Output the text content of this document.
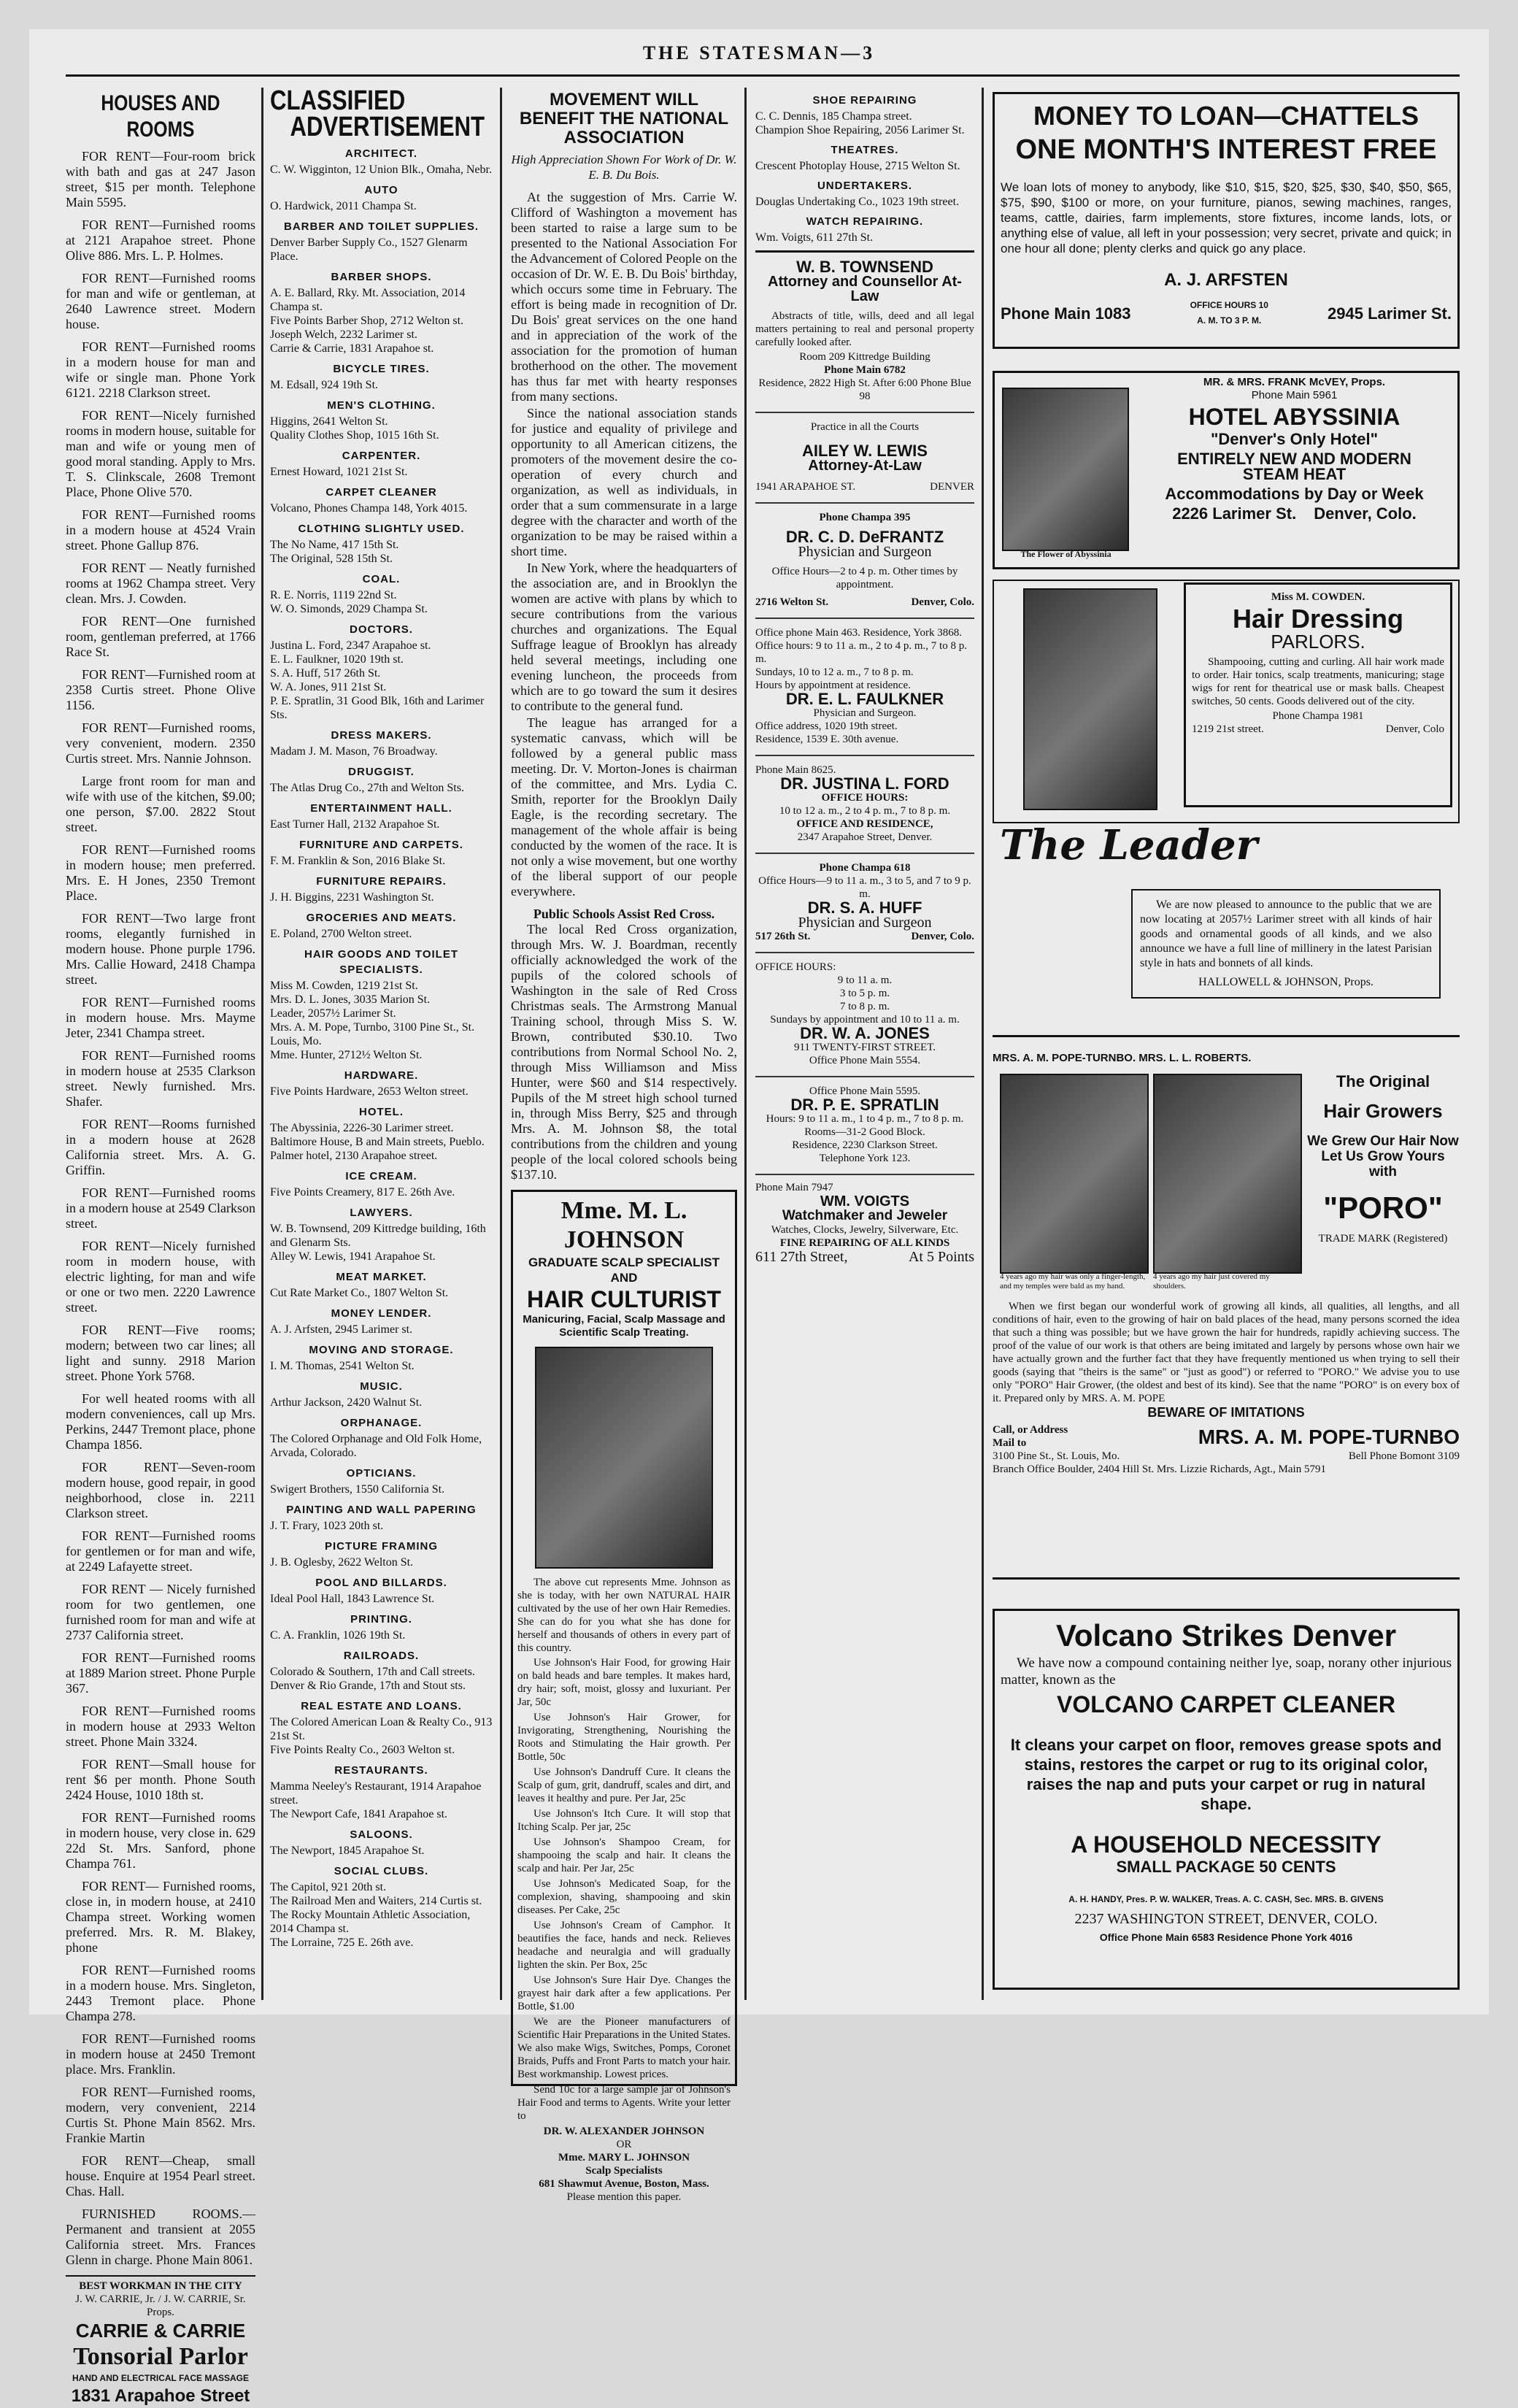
THE STATESMAN—3
HOUSES AND ROOMS

FOR RENT—Four-room brick with bath and gas at 247 Jason street, $15 per month. Telephone Main 5595.

FOR RENT—Furnished rooms at 2121 Arapahoe street. Phone Olive 886. Mrs. L. P. Holmes.

FOR RENT—Furnished rooms for man and wife or gentleman, at 2640 Lawrence street. Modern house.

FOR RENT—Furnished rooms in a modern house for man and wife or single man. Phone York 6121. 2218 Clarkson street.

FOR RENT—Nicely furnished rooms in modern house, suitable for man and wife or young men of good moral standing. Apply to Mrs. T. S. Clinkscale, 2608 Tremont Place, Phone Olive 570.

FOR RENT—Furnished rooms in a modern house at 4524 Vrain street. Phone Gallup 876.

FOR RENT — Neatly furnished rooms at 1962 Champa street. Very clean. Mrs. J. Cowden.

FOR RENT—One furnished room, gentleman preferred, at 1766 Race St.

FOR RENT—Furnished room at 2358 Curtis street. Phone Olive 1156.

FOR RENT—Furnished rooms, very convenient, modern. 2350 Curtis street. Mrs. Nannie Johnson.

Large front room for man and wife with use of the kitchen, $9.00; one person, $7.00. 2822 Stout street.

FOR RENT—Furnished rooms in modern house; men preferred. Mrs. E. H Jones, 2350 Tremont Place.

FOR RENT—Two large front rooms, elegantly furnished in modern house. Phone purple 1796. Mrs. Callie Howard, 2418 Champa street.

FOR RENT—Furnished rooms in modern house. Mrs. Mayme Jeter, 2341 Champa street.

FOR RENT—Furnished rooms in modern house at 2535 Clarkson street. Newly furnished. Mrs. Shafer.

FOR RENT—Rooms furnished in a modern house at 2628 California street. Mrs. A. G. Griffin.

FOR RENT—Furnished rooms in a modern house at 2549 Clarkson street.

FOR RENT—Nicely furnished room in modern house, with electric lighting, for man and wife or one or two men. 2220 Lawrence street.

FOR RENT—Five rooms; modern; between two car lines; all light and sunny. 2918 Marion street. Phone York 5768.

For well heated rooms with all modern conveniences, call up Mrs. Perkins, 2447 Tremont place, phone Champa 1856.

FOR RENT—Seven-room modern house, good repair, in good neighborhood, close in. 2211 Clarkson street.

FOR RENT—Furnished rooms for gentlemen or for man and wife, at 2249 Lafayette street.

FOR RENT — Nicely furnished room for two gentlemen, one furnished room for man and wife at 2737 California street.

FOR RENT—Furnished rooms at 1889 Marion street. Phone Purple 367.

FOR RENT—Furnished rooms in modern house at 2933 Welton street. Phone Main 3324.

FOR RENT—Small house for rent $6 per month. Phone South 2424 House, 1010 18th st.

FOR RENT—Furnished rooms in modern house, very close in. 629 22d St. Mrs. Sanford, phone Champa 761.

FOR RENT— Furnished rooms, close in, in modern house, at 2410 Champa street. Working women preferred. Mrs. R. M. Blakey, phone

FOR RENT—Furnished rooms in a modern house. Mrs. Singleton, 2443 Tremont place. Phone Champa 278.

FOR RENT—Furnished rooms in modern house at 2450 Tremont place. Mrs. Franklin.

FOR RENT—Furnished rooms, modern, very convenient, 2214 Curtis St. Phone Main 8562. Mrs. Frankie Martin

FOR RENT—Cheap, small house. Enquire at 1954 Pearl street. Chas. Hall.

FURNISHED ROOMS.—Permanent and transient at 2055 California street. Mrs. Frances Glenn in charge. Phone Main 8061.

BEST WORKMAN IN THE CITY
J. W. CARRIE, Jr. / J. W. CARRIE, Sr. Props.
CARRIE & CARRIE
Tonsorial Parlor
HAND AND ELECTRICAL FACE MASSAGE
1831 Arapahoe Street
CLASSIFIED
ADVERTISEMENT
ARCHITECT.
C. W. Wigginton, 12 Union Blk., Omaha, Nebr.
AUTO
O. Hardwick, 2011 Champa St.
BARBER AND TOILET SUPPLIES.
Denver Barber Supply Co., 1527 Glenarm Place.
BARBER SHOPS.
A. E. Ballard, Rky. Mt. Association, 2014 Champa st.
Five Points Barber Shop, 2712 Welton st.
Joseph Welch, 2232 Larimer st.
Carrie & Carrie, 1831 Arapahoe st.
BICYCLE TIRES.
M. Edsall, 924 19th St.
MEN'S CLOTHING.
Higgins, 2641 Welton St.
Quality Clothes Shop, 1015 16th St.
CARPENTER.
Ernest Howard, 1021 21st St.
CARPET CLEANER
Volcano, Phones Champa 148, York 4015.
CLOTHING SLIGHTLY USED.
The No Name, 417 15th St.
The Original, 528 15th St.
COAL.
R. E. Norris, 1119 22nd St.
W. O. Simonds, 2029 Champa St.
DOCTORS.
Justina L. Ford, 2347 Arapahoe st.
E. L. Faulkner, 1020 19th st.
S. A. Huff, 517 26th St.
W. A. Jones, 911 21st St.
P. E. Spratlin, 31 Good Blk, 16th and Larimer Sts.
DRESS MAKERS.
Madam J. M. Mason, 76 Broadway.
DRUGGIST.
The Atlas Drug Co., 27th and Welton Sts.
ENTERTAINMENT HALL.
East Turner Hall, 2132 Arapahoe St.
FURNITURE AND CARPETS.
F. M. Franklin & Son, 2016 Blake St.
FURNITURE REPAIRS.
J. H. Biggins, 2231 Washington St.
GROCERIES AND MEATS.
E. Poland, 2700 Welton street.
HAIR GOODS AND TOILET SPECIALISTS.
Miss M. Cowden, 1219 21st St.
Mrs. D. L. Jones, 3035 Marion St.
Leader, 2057½ Larimer St.
Mrs. A. M. Pope, Turnbo, 3100 Pine St., St. Louis, Mo.
Mme. Hunter, 2712½ Welton St.
HARDWARE.
Five Points Hardware, 2653 Welton street.
HOTEL.
The Abyssinia, 2226-30 Larimer street.
Baltimore House, B and Main streets, Pueblo.
Palmer hotel, 2130 Arapahoe street.
ICE CREAM.
Five Points Creamery, 817 E. 26th Ave.
LAWYERS.
W. B. Townsend, 209 Kittredge building, 16th and Glenarm Sts.
Alley W. Lewis, 1941 Arapahoe St.
MEAT MARKET.
Cut Rate Market Co., 1807 Welton St.
MONEY LENDER.
A. J. Arfsten, 2945 Larimer st.
MOVING AND STORAGE.
I. M. Thomas, 2541 Welton St.
MUSIC.
Arthur Jackson, 2420 Walnut St.
ORPHANAGE.
The Colored Orphanage and Old Folk Home, Arvada, Colorado.
OPTICIANS.
Swigert Brothers, 1550 California St.
PAINTING AND WALL PAPERING
J. T. Frary, 1023 20th st.
PICTURE FRAMING
J. B. Oglesby, 2622 Welton St.
POOL AND BILLARDS.
Ideal Pool Hall, 1843 Lawrence St.
PRINTING.
C. A. Franklin, 1026 19th St.
RAILROADS.
Colorado & Southern, 17th and Call streets.
Denver & Rio Grande, 17th and Stout sts.
REAL ESTATE AND LOANS.
The Colored American Loan & Realty Co., 913 21st St.
Five Points Realty Co., 2603 Welton st.
RESTAURANTS.
Mamma Neeley's Restaurant, 1914 Arapahoe street.
The Newport Cafe, 1841 Arapahoe st.
SALOONS.
The Newport, 1845 Arapahoe St.
SOCIAL CLUBS.
The Capitol, 921 20th st.
The Railroad Men and Waiters, 214 Curtis st.
The Rocky Mountain Athletic Association, 2014 Champa st.
The Lorraine, 725 E. 26th ave.
MOVEMENT WILL BENEFIT THE NATIONAL ASSOCIATION
High Appreciation Shown For Work of Dr. W. E. B. Du Bois.

At the suggestion of Mrs. Carrie W. Clifford of Washington a movement has been started to raise a large sum to be presented to the National Association For the Advancement of Colored People on the occasion of Dr. W. E. B. Du Bois' birthday, which occurs some time in February. The effort is being made in recognition of Dr. Du Bois' great services on the one hand and in appreciation of the work of the association for the promotion of human brotherhood on the other. The movement has thus far met with hearty responses from many sections.

Since the national association stands for justice and equality of privilege and opportunity to all American citizens, the promoters of the movement desire the co-operation of every church and organization, as well as individuals, in order that a sum commensurate in a large degree with the character and worth of the organization to be may be raised within a short time.

In New York, where the headquarters of the association are, and in Brooklyn the women are active with plans by which to secure contributions from the various churches and organizations. The Equal Suffrage league of Brooklyn has already held several meetings, including one evening luncheon, the proceeds from which are to go toward the sum it desires to contribute to the general fund.

The league has arranged for a systematic canvass, which will be followed by a general public mass meeting. Dr. V. Morton-Jones is chairman of the committee, and Mrs. Lydia C. Smith, reporter for the Brooklyn Daily Eagle, is the recording secretary. The management of the whole affair is being conducted by the women of the race. It is not only a wise movement, but one worthy of the liberal support of our people everywhere.

Public Schools Assist Red Cross.

The local Red Cross organization, through Mrs. W. J. Boardman, recently officially acknowledged the work of the pupils of the colored schools of Washington in the sale of Red Cross Christmas seals. The Armstrong Manual Training school, through Miss S. W. Brown, contributed $30.10. Two contributions from Normal School No. 2, through Miss Williamson and Miss Hunter, were $60 and $14 respectively. Pupils of the M street high school turned in, through Miss Berry, $25 and through Mrs. A. M. Johnson $8, the total contributions from the children and young people of the local colored schools being $137.10.

Mme. M. L. JOHNSON
GRADUATE SCALP SPECIALIST AND
HAIR CULTURIST
Manicuring, Facial, Scalp Massage and Scientific Scalp Treating.

The above cut represents Mme. Johnson as she is today, with her own NATURAL HAIR cultivated by the use of her own Hair Remedies. She can do for you what she has done for herself and thousands of others in every part of this country.

Use Johnson's Hair Food, for growing Hair on bald heads and bare temples. It makes hard, dry hair; soft, moist, glossy and luxuriant. Per Jar, 50c

Use Johnson's Hair Grower, for Invigorating, Strengthening, Nourishing the Roots and Stimulating the Hair growth. Per Bottle, 50c

Use Johnson's Dandruff Cure. It cleans the Scalp of gum, grit, dandruff, scales and dirt, and leaves it healthy and pure. Per Jar, 25c

Use Johnson's Itch Cure. It will stop that Itching Scalp. Per jar, 25c

Use Johnson's Shampoo Cream, for shampooing the scalp and hair. It cleans the scalp and hair. Per Jar, 25c

Use Johnson's Medicated Soap, for the complexion, shaving, shampooing and skin diseases. Per Cake, 25c

Use Johnson's Cream of Camphor. It beautifies the face, hands and neck. Relieves headache and neuralgia and will gradually lighten the skin. Per Box, 25c

Use Johnson's Sure Hair Dye. Changes the grayest hair dark after a few applications. Per Bottle, $1.00

We are the Pioneer manufacturers of Scientific Hair Preparations in the United States. We also make Wigs, Switches, Pomps, Coronet Braids, Puffs and Front Parts to match your hair. Best workmanship. Lowest prices.

Send 10c for a large sample jar of Johnson's Hair Food and terms to Agents. Write your letter to

DR. W. ALEXANDER JOHNSON
OR
Mme. MARY L. JOHNSON
Scalp Specialists
681 Shawmut Avenue, Boston, Mass.
Please mention this paper.
SHOE REPAIRING
C. C. Dennis, 185 Champa street.
Champion Shoe Repairing, 2056 Larimer St.
THEATRES.
Crescent Photoplay House, 2715 Welton St.
UNDERTAKERS.
Douglas Undertaking Co., 1023 19th street.
WATCH REPAIRING.
Wm. Voigts, 611 27th St.
W. B. TOWNSEND
Attorney and Counsellor At-Law

Abstracts of title, wills, deed and all legal matters pertaining to real and personal property carefully looked after.

Room 209 Kittredge Building
Phone Main 6782
Residence, 2822 High St. After 6:00 Phone Blue 98
Practice in all the Courts
AILEY W. LEWIS
Attorney-At-Law
1941 ARAPAHOE ST.	DENVER
Phone Champa 395
DR. C. D. DeFRANTZ
Physician and Surgeon
Office Hours—2 to 4 p. m. Other times by appointment.
2716 Welton St.	Denver, Colo.
Office phone Main 463. Residence, York 3868.
Office hours: 9 to 11 a. m., 2 to 4 p. m., 7 to 8 p. m.
Sundays, 10 to 12 a. m., 7 to 8 p. m.
Hours by appointment at residence.
DR. E. L. FAULKNER
Physician and Surgeon.
Office address, 1020 19th street.
Residence, 1539 E. 30th avenue.
Phone Main 8625.
DR. JUSTINA L. FORD
OFFICE HOURS:
10 to 12 a. m., 2 to 4 p. m., 7 to 8 p. m.
OFFICE AND RESIDENCE,
2347 Arapahoe Street, Denver.
Phone Champa 618
Office Hours—9 to 11 a. m., 3 to 5, and 7 to 9 p. m.
DR. S. A. HUFF
Physician and Surgeon
517 26th St.	Denver, Colo.
OFFICE HOURS:
9 to 11 a. m.
3 to 5 p. m.
7 to 8 p. m.
Sundays by appointment and 10 to 11 a. m.
DR. W. A. JONES
911 TWENTY-FIRST STREET.
Office Phone Main 5554.
Office Phone Main 5595.
DR. P. E. SPRATLIN
Hours: 9 to 11 a. m., 1 to 4 p. m., 7 to 8 p. m.
Rooms—31-2 Good Block.
Residence, 2230 Clarkson Street.
Telephone York 123.
Phone Main 7947
WM. VOIGTS
Watchmaker and Jeweler
Watches, Clocks, Jewelry, Silverware, Etc.
FINE REPAIRING OF ALL KINDS
611 27th Street,	At 5 Points
MONEY TO LOAN—CHATTELS
ONE MONTH'S INTEREST FREE

We loan lots of money to anybody, like $10, $15, $20, $25, $30, $40, $50, $65, $75, $90, $100 or more, on your furniture, pianos, sewing machines, ranges, teams, cattle, dairies, farm implements, store fixtures, income lands, lots, or anything else of value, all left in your possession; very secret, private and quick; in one hour all done; plenty clerks and quick go any place.

A. J. ARFSTEN
Phone Main 1083	OFFICE HOURS 10 A. M. TO 3 P. M.	2945 Larimer St.
The Flower of Abyssinia
MR. & MRS. FRANK McVEY, Props.
Phone Main 5961
HOTEL ABYSSINIA
"Denver's Only Hotel"
ENTIRELY NEW AND MODERN
STEAM HEAT
Accommodations by Day or Week
2226 Larimer St. Denver, Colo.
Miss M. COWDEN.
Hair Dressing
PARLORS.

Shampooing, cutting and curling. All hair work made to order. Hair tonics, scalp treatments, manicuring; stage wigs for rent for theatrical use or mask balls. Cheapest switches, 50 cents. Goods delivered out of the city.

Phone Champa 1981
1219 21st street.	Denver, Colo
The Leader

We are now pleased to announce to the public that we are now locating at 2057½ Larimer street with all kinds of hair goods and ornamental goods of all kinds, and we also announce we have a full line of millinery in the latest Parisian style in hats and bonnets of all kinds.

HALLOWELL & JOHNSON, Props.
MRS. A. M. POPE-TURNBO. MRS. L. L. ROBERTS.
The Original
Hair Growers
We Grew Our Hair Now Let Us Grow Yours with
"PORO"
TRADE MARK (Registered)
4 years ago my hair was only a finger-length, and my temples were bald as my hand.
4 years ago my hair just covered my shoulders.

When we first began our wonderful work of growing all kinds, all qualities, all lengths, and all conditions of hair, even to the growing of hair on bald places of the head, many persons scorned the idea that such a thing was possible; but we have grown the hair for hundreds, rapidly achieving success. The proof of the value of our work is that others are being imitated and largely by persons whose own hair we have actually grown and the further fact that they have frequently mentioned us when trying to sell their goods (saying that "theirs is the same" or "just as good") or referred to "PORO." We advise you to use only "PORO" Hair Grower, (the oldest and best of its kind). See that the name "PORO" is on every box of it. Prepared only by MRS. A. M. POPE

BEWARE OF IMITATIONS
Call, or Address Mail to	MRS. A. M. POPE-TURNBO
3100 Pine St., St. Louis, Mo.	Bell Phone Bomont 3109
Branch Office Boulder, 2404 Hill St. Mrs. Lizzie Richards, Agt., Main 5791
Volcano Strikes Denver

We have now a compound containing neither lye, soap, norany other injurious matter, known as the

VOLCANO CARPET CLEANER

It cleans your carpet on floor, removes grease spots and stains, restores the carpet or rug to its original color, raises the nap and puts your carpet or rug in natural shape.

A HOUSEHOLD NECESSITY
SMALL PACKAGE 50 CENTS
A. H. HANDY, Pres. P. W. WALKER, Treas. A. C. CASH, Sec. MRS. B. GIVENS
2237 WASHINGTON STREET, DENVER, COLO.
Office Phone Main 6583 Residence Phone York 4016
